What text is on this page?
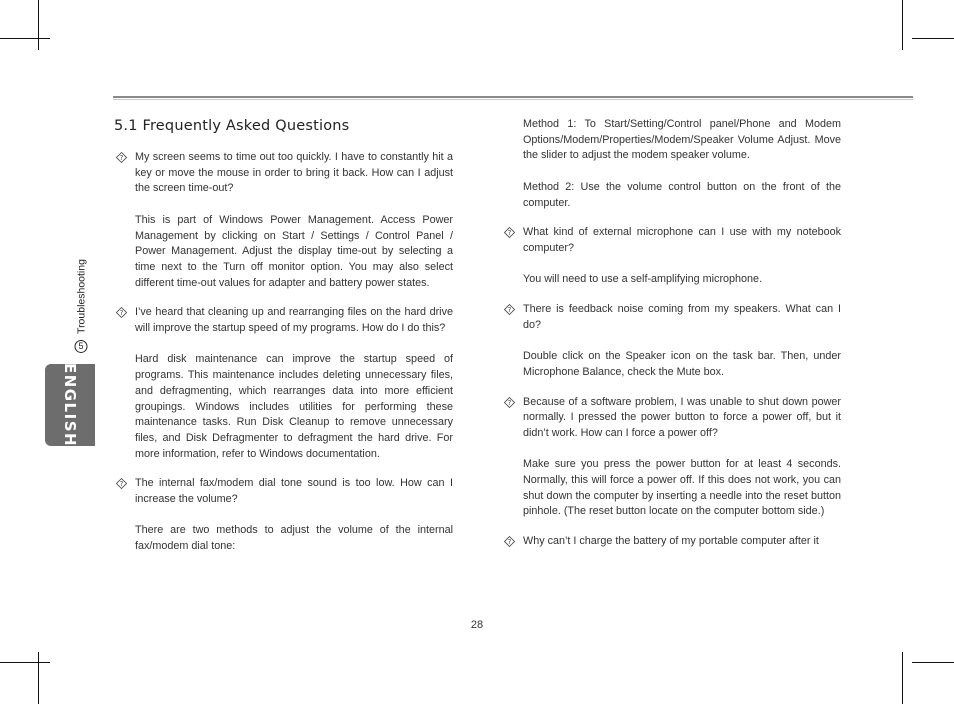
5
Troubleshooting
ENGLISH
5.1 Frequently Asked Questions
? My screen seems to time out too quickly. I have to constantly hit a key or move the mouse in order to bring it back. How can I adjust the screen time-out?

This is part of Windows Power Management. Access Power Management by clicking on Start / Settings / Control Panel / Power Management. Adjust the display time-out by selecting a time next to the Turn off monitor option. You may also select different time-out values for adapter and battery power states.

? I’ve heard that cleaning up and rearranging files on the hard drive will improve the startup speed of my programs. How do I do this?

Hard disk maintenance can improve the startup speed of programs. This maintenance includes deleting unnecessary files, and defragmenting, which rearranges data into more efficient groupings. Windows includes utilities for performing these maintenance tasks. Run Disk Cleanup to remove unnecessary files, and Disk Defragmenter to defragment the hard drive. For more information, refer to Windows documentation.

? The internal fax/modem dial tone sound is too low. How can I increase the volume?

There are two methods to adjust the volume of the internal fax/modem dial tone:

Method 1: To Start/Setting/Control panel/Phone and Modem Options/Modem/Properties/Modem/Speaker Volume Adjust. Move the slider to adjust the modem speaker volume.

Method 2: Use the volume control button on the front of the computer.

? What kind of external microphone can I use with my notebook computer?

You will need to use a self-amplifying microphone.

? There is feedback noise coming from my speakers. What can I do?

Double click on the Speaker icon on the task bar. Then, under Microphone Balance, check the Mute box.

? Because of a software problem, I was unable to shut down power normally. I pressed the power button to force a power off, but it didn’t work. How can I force a power off?

Make sure you press the power button for at least 4 seconds. Normally, this will force a power off. If this does not work, you can shut down the computer by inserting a needle into the reset button pinhole. (The reset button locate on the computer bottom side.)

? Why can’t I charge the battery of my portable computer after it
28
